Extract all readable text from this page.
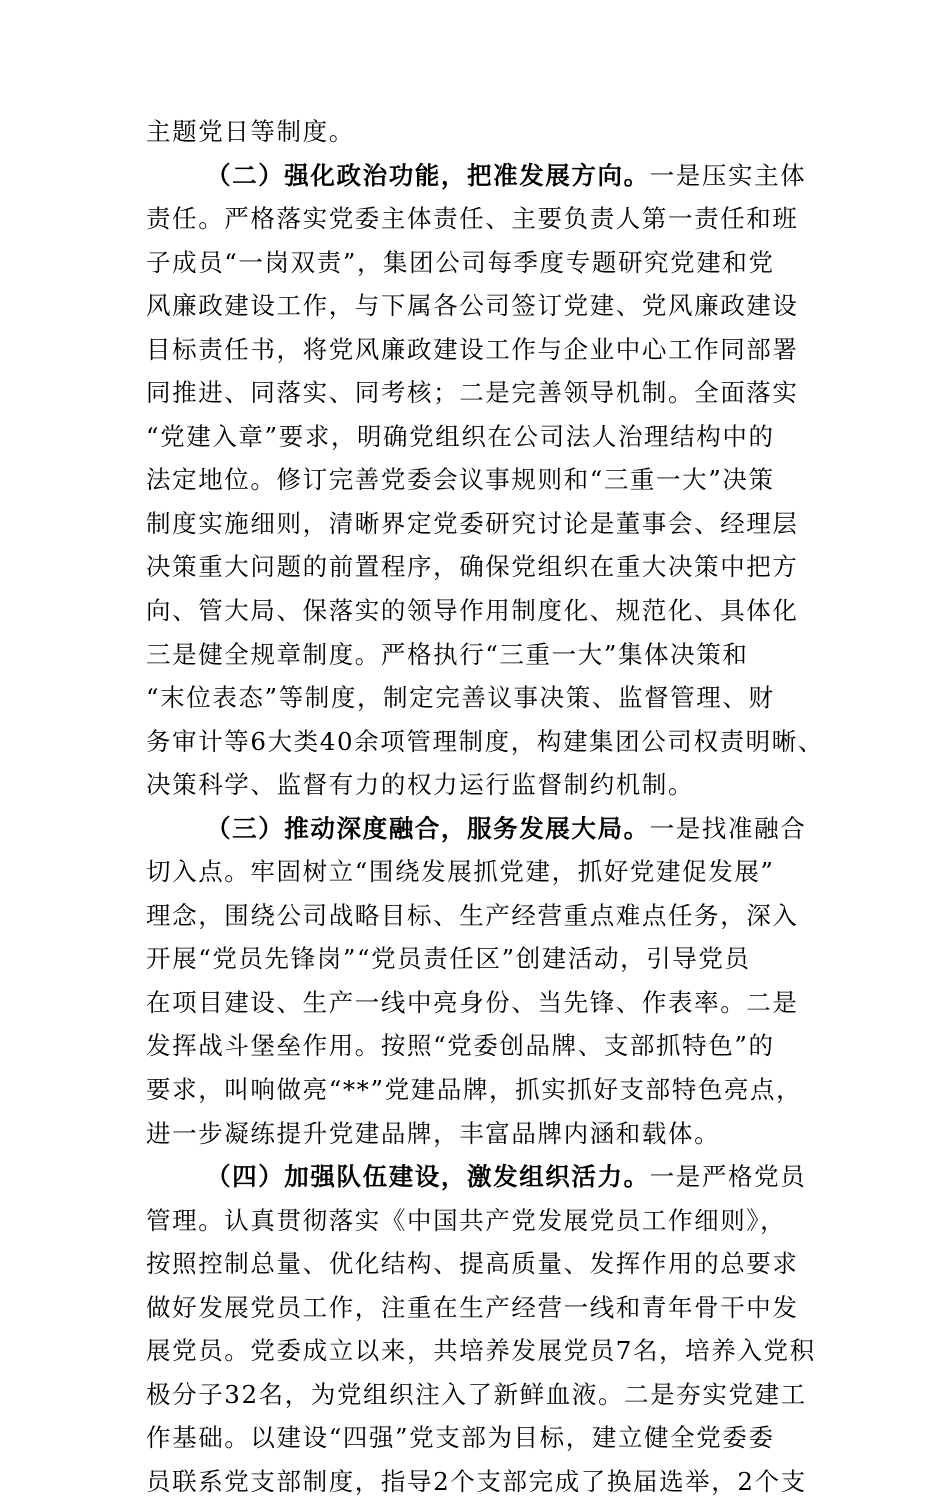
主题党日等制度。
（二）强化政治功能，把准发展方向。一是压实主体
责任。严格落实党委主体责任、主要负责人第一责任和班
子成员“一岗双责”，集团公司每季度专题研究党建和党
风廉政建设工作，与下属各公司签订党建、党风廉政建设
目标责任书，将党风廉政建设工作与企业中心工作同部署
同推进、同落实、同考核；二是完善领导机制。全面落实
“党建入章”要求，明确党组织在公司法人治理结构中的
法定地位。修订完善党委会议事规则和“三重一大”决策
制度实施细则，清晰界定党委研究讨论是董事会、经理层
决策重大问题的前置程序，确保党组织在重大决策中把方
向、管大局、保落实的领导作用制度化、规范化、具体化
三是健全规章制度。严格执行“三重一大”集体决策和
“末位表态”等制度，制定完善议事决策、监督管理、财
务审计等6大类40余项管理制度，构建集团公司权责明晰、
决策科学、监督有力的权力运行监督制约机制。
（三）推动深度融合，服务发展大局。一是找准融合
切入点。牢固树立“围绕发展抓党建，抓好党建促发展”
理念，围绕公司战略目标、生产经营重点难点任务，深入
开展“党员先锋岗”“党员责任区”创建活动，引导党员
在项目建设、生产一线中亮身份、当先锋、作表率。二是
发挥战斗堡垒作用。按照“党委创品牌、支部抓特色”的
要求，叫响做亮“**”党建品牌，抓实抓好支部特色亮点，
进一步凝练提升党建品牌，丰富品牌内涵和载体。
（四）加强队伍建设，激发组织活力。一是严格党员
管理。认真贯彻落实《中国共产党发展党员工作细则》，
按照控制总量、优化结构、提高质量、发挥作用的总要求
做好发展党员工作，注重在生产经营一线和青年骨干中发
展党员。党委成立以来，共培养发展党员7名，培养入党积
极分子32名，为党组织注入了新鲜血液。二是夯实党建工
作基础。以建设“四强”党支部为目标，建立健全党委委
员联系党支部制度，指导2个支部完成了换届选举，2个支
